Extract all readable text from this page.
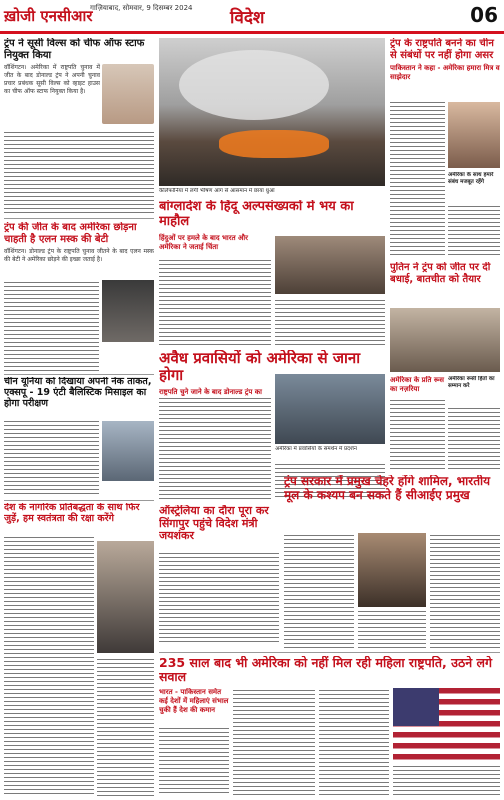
ख़ोजी एनसीआर
गाज़ियाबाद, सोमवार, 9 दिसम्बर 2024	विदेश	06
ट्रंप ने सूसी विल्स को चीफ ऑफ स्टाफ नियुक्त किया
वॉशिंगटन। अमेरिका में राष्ट्रपति चुनाव में जीत के बाद डोनाल्ड ट्रंप ने अपनी चुनाव प्रचार प्रबंधक सूसी विल्स को व्हाइट हाउस का चीफ ऑफ स्टाफ नियुक्त किया है।
ट्रंप की जीत के बाद अमेरिका छोड़ना चाहती है एलन मस्क की बेटी
वॉशिंगटन। डोनाल्ड ट्रंप के राष्ट्रपति चुनाव जीतने के बाद एलन मस्क की बेटी ने अमेरिका छोड़ने की इच्छा जताई है।
चीन यूनिया को दिखाया अपनी नेक ताकत, एक्सपू - 19 एंटी बैलिस्टिक मिसाइल का होगा परीक्षण
देश के नागरिक प्रतिबद्धता के साथ फिर जुड़ें, हम स्वतंत्रता की रक्षा करेंगे
कैलिफोर्निया में लगी भीषण आग से आसमान में छाया धुआं
ट्रंप के राष्ट्रपति बनने का चीन से संबंधों पर नहीं होगा असर
पाकिस्तान ने कहा - अमेरिका हमारा मित्र व साझेदार
अमेरिका के साथ हमारे संबंध मजबूत रहेंगे
बांग्लादेश के हिंदू अल्पसंख्यकों में भय का माहौल
हिंदुओं पर हमले के बाद भारत और अमेरिका ने जताई चिंता
पुतिन ने ट्रंप को जीत पर दी बधाई, बातचीत को तैयार
अमेरिका के प्रति रूस का नज़रिया
अमेरिका रूसी हितों का सम्मान करे
अवैध प्रवासियों को अमेरिका से जाना होगा
राष्ट्रपति चुने जाने के बाद डोनाल्ड ट्रंप का
अमेरिका में प्रवासियों के समर्थन में प्रदर्शन
ऑस्ट्रेलिया का दौरा पूरा कर सिंगापुर पहुंचे विदेश मंत्री जयशंकर
ट्रंप सरकार में प्रमुख चेहरे होंगे शामिल, भारतीय मूल के कश्यप बन सकते हैं सीआईए प्रमुख
235 साल बाद भी अमेरिका को नहीं मिल रही महिला राष्ट्रपति, उठने लगे सवाल
भारत - पाकिस्तान समेत कई देशों में महिलाएं संभाल चुकी हैं देश की कमान
